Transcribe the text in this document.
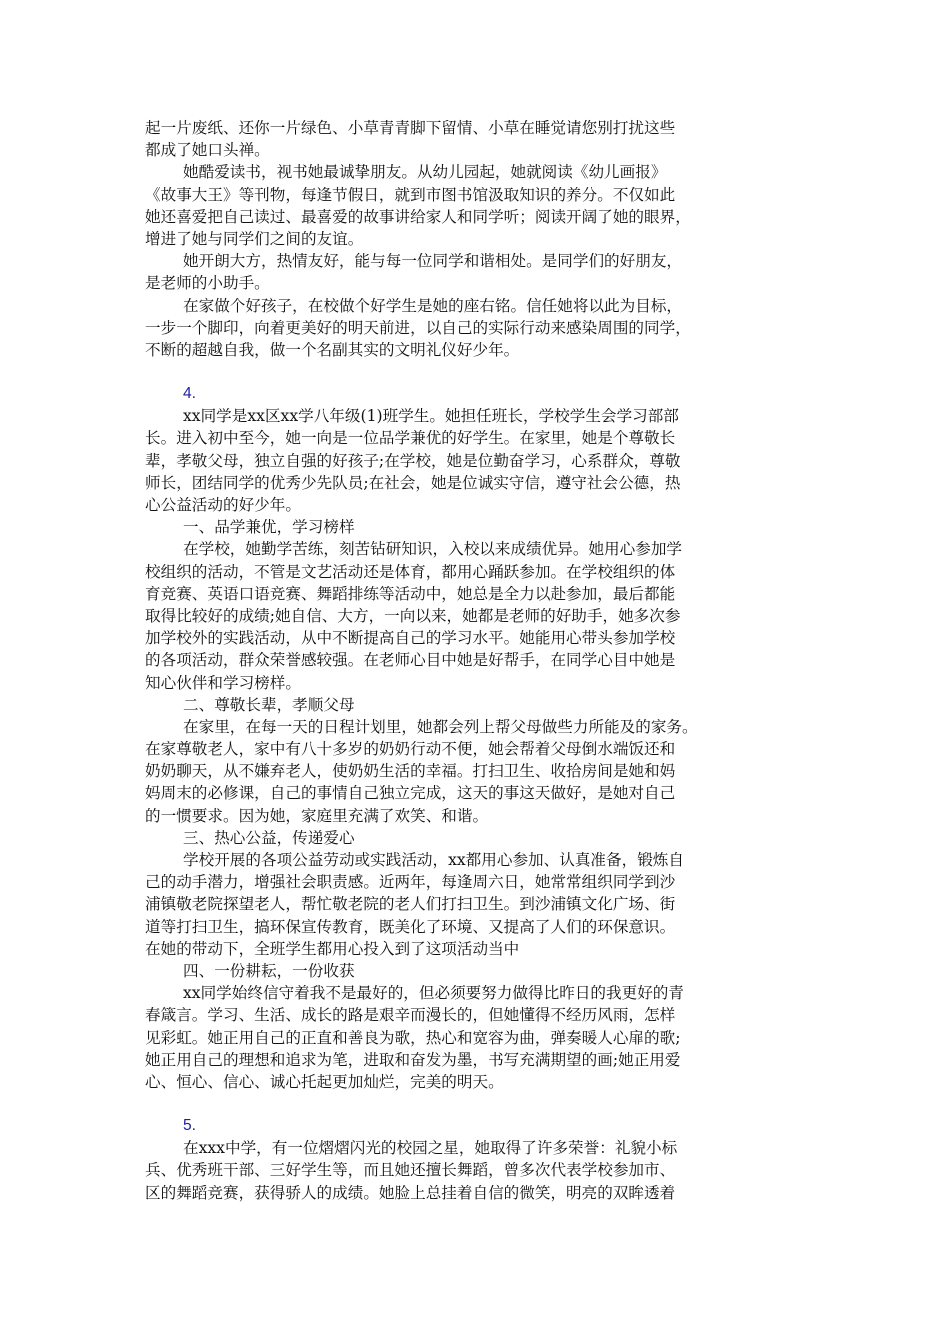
起一片废纸、还你一片绿色、小草青青脚下留情、小草在睡觉请您别打扰这些
都成了她口头禅。
她酷爱读书，视书她最诚挚朋友。从幼儿园起，她就阅读《幼儿画报》
《故事大王》等刊物，每逢节假日，就到市图书馆汲取知识的养分。不仅如此
她还喜爱把自己读过、最喜爱的故事讲给家人和同学听；阅读开阔了她的眼界，
增进了她与同学们之间的友谊。
她开朗大方，热情友好，能与每一位同学和谐相处。是同学们的好朋友，
是老师的小助手。
在家做个好孩子，在校做个好学生是她的座右铭。信任她将以此为目标，
一步一个脚印，向着更美好的明天前进，以自己的实际行动来感染周围的同学，
不断的超越自我，做一个名副其实的文明礼仪好少年。
4.
xx同学是xx区xx学八年级(1)班学生。她担任班长，学校学生会学习部部
长。进入初中至今，她一向是一位品学兼优的好学生。在家里，她是个尊敬长
辈，孝敬父母，独立自强的好孩子;在学校，她是位勤奋学习，心系群众，尊敬
师长，团结同学的优秀少先队员;在社会，她是位诚实守信，遵守社会公德，热
心公益活动的好少年。
一、品学兼优，学习榜样
在学校，她勤学苦练，刻苦钻研知识，入校以来成绩优异。她用心参加学
校组织的活动，不管是文艺活动还是体育，都用心踊跃参加。在学校组织的体
育竞赛、英语口语竞赛、舞蹈排练等活动中，她总是全力以赴参加，最后都能
取得比较好的成绩;她自信、大方，一向以来，她都是老师的好助手，她多次参
加学校外的实践活动，从中不断提高自己的学习水平。她能用心带头参加学校
的各项活动，群众荣誉感较强。在老师心目中她是好帮手，在同学心目中她是
知心伙伴和学习榜样。
二、尊敬长辈，孝顺父母
在家里，在每一天的日程计划里，她都会列上帮父母做些力所能及的家务。
在家尊敬老人，家中有八十多岁的奶奶行动不便，她会帮着父母倒水端饭还和
奶奶聊天，从不嫌弃老人，使奶奶生活的幸福。打扫卫生、收拾房间是她和妈
妈周末的必修课，自己的事情自己独立完成，这天的事这天做好，是她对自己
的一惯要求。因为她，家庭里充满了欢笑、和谐。
三、热心公益，传递爱心
学校开展的各项公益劳动或实践活动，xx都用心参加、认真准备，锻炼自
己的动手潜力，增强社会职责感。近两年，每逢周六日，她常常组织同学到沙
浦镇敬老院探望老人，帮忙敬老院的老人们打扫卫生。到沙浦镇文化广场、街
道等打扫卫生，搞环保宣传教育，既美化了环境、又提高了人们的环保意识。
在她的带动下，全班学生都用心投入到了这项活动当中
四、一份耕耘，一份收获
xx同学始终信守着我不是最好的，但必须要努力做得比昨日的我更好的青
春箴言。学习、生活、成长的路是艰辛而漫长的，但她懂得不经历风雨，怎样
见彩虹。她正用自己的正直和善良为歌，热心和宽容为曲，弹奏暖人心扉的歌;
她正用自己的理想和追求为笔，进取和奋发为墨，书写充满期望的画;她正用爱
心、恒心、信心、诚心托起更加灿烂，完美的明天。
5.
在xxx中学，有一位熠熠闪光的校园之星，她取得了许多荣誉：礼貌小标
兵、优秀班干部、三好学生等，而且她还擅长舞蹈，曾多次代表学校参加市、
区的舞蹈竞赛，获得骄人的成绩。她脸上总挂着自信的微笑，明亮的双眸透着
